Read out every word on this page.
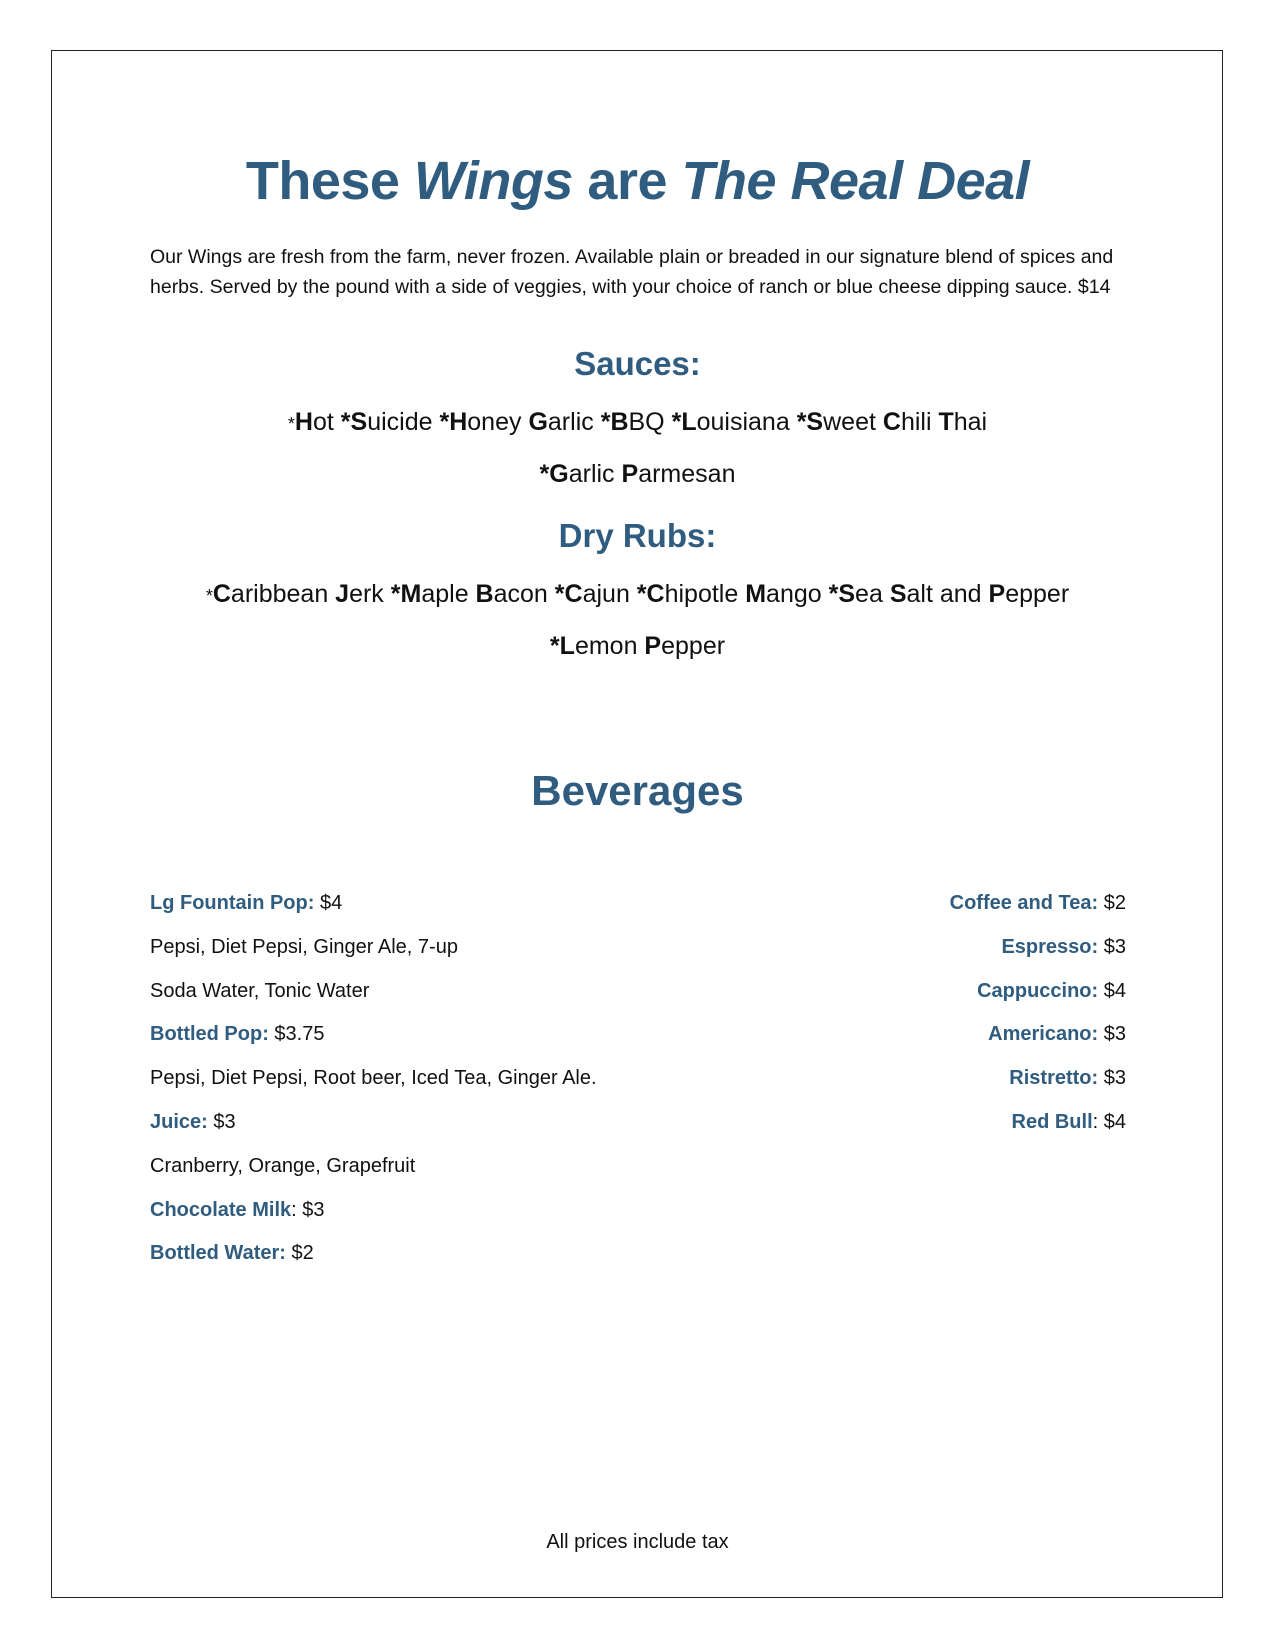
These Wings are The Real Deal

Our Wings are fresh from the farm, never frozen. Available plain or breaded in our signature blend of spices and herbs. Served by the pound with a side of veggies, with your choice of ranch or blue cheese dipping sauce. $14

Sauces:

*Hot *Suicide *Honey Garlic *BBQ *Louisiana *Sweet Chili Thai

*Garlic Parmesan

Dry Rubs:

*Caribbean Jerk *Maple Bacon *Cajun *Chipotle Mango *Sea Salt and Pepper

*Lemon Pepper

Beverages
Lg Fountain Pop: $4
Pepsi, Diet Pepsi, Ginger Ale, 7-up
Soda Water, Tonic Water
Bottled Pop: $3.75
Pepsi, Diet Pepsi, Root beer, Iced Tea, Ginger Ale.
Juice: $3
Cranberry, Orange, Grapefruit
Chocolate Milk: $3
Bottled Water: $2
Coffee and Tea: $2
Espresso: $3
Cappuccino: $4
Americano: $3
Ristretto: $3
Red Bull: $4

All prices include tax
